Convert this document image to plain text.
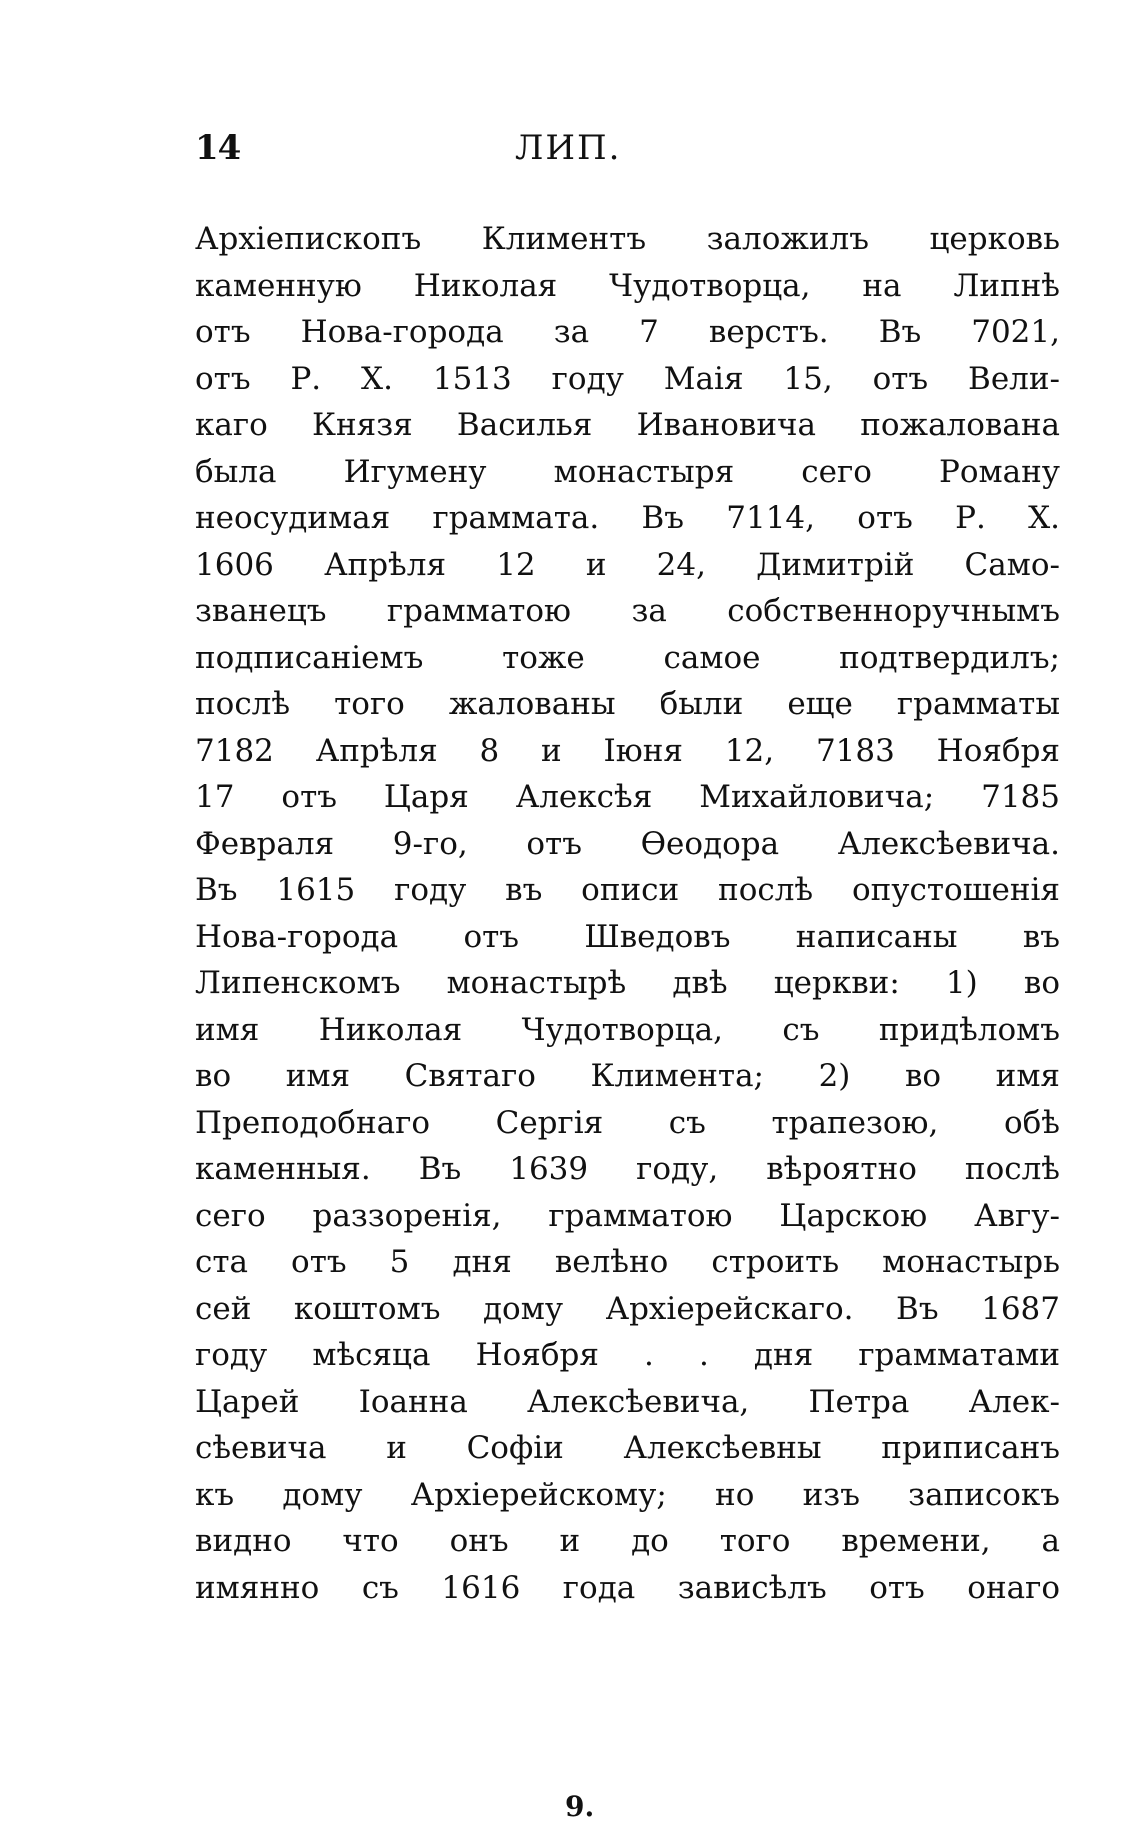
14	ЛИП.
Архіепископъ Климентъ заложилъ церковь
каменную Николая Чудотворца, на Липнѣ
отъ Нова-города за 7 верстъ. Въ 7021,
отъ Р. Х. 1513 году Маія 15, отъ Вели-
каго Князя Василья Ивановича пожалована
была Игумену монастыря сего Роману
неосудимая граммата. Въ 7114, отъ Р. Х.
1606 Апрѣля 12 и 24, Димитрій Само-
званецъ граммaтою за собственноручнымъ
подписаніемъ тоже самое подтвердилъ;
послѣ того жалованы были еще грамматы
7182 Апрѣля 8 и Іюня 12, 7183 Ноября
17 отъ Царя Алексѣя Михайловича; 7185
Февраля 9-го, отъ Ѳеодора Алексѣевича.
Въ 1615 году въ описи послѣ опустошенія
Нова-города отъ Шведовъ написаны въ
Липенскомъ монастырѣ двѣ церкви: 1) во
имя Николая Чудотворца, съ придѣломъ
во имя Святаго Климента; 2) во имя
Преподобнаго Сергія съ трапезою, обѣ
каменныя. Въ 1639 году, вѣроятно послѣ
сего раззоренія, грамматою Царскою Авгу-
ста отъ 5 дня велѣно строить монастырь
сей коштомъ дому Архіерейскаго. Въ 1687
году мѣсяца Ноября . . дня грамматами
Царей Іоанна Алексѣевича, Петра Алек-
сѣевича и Софіи Алексѣевны приписанъ
къ дому Архіерейскому; но изъ записокъ
видно что онъ и до того времени, а
имянно съ 1616 года зависѣлъ отъ онаго
9.
